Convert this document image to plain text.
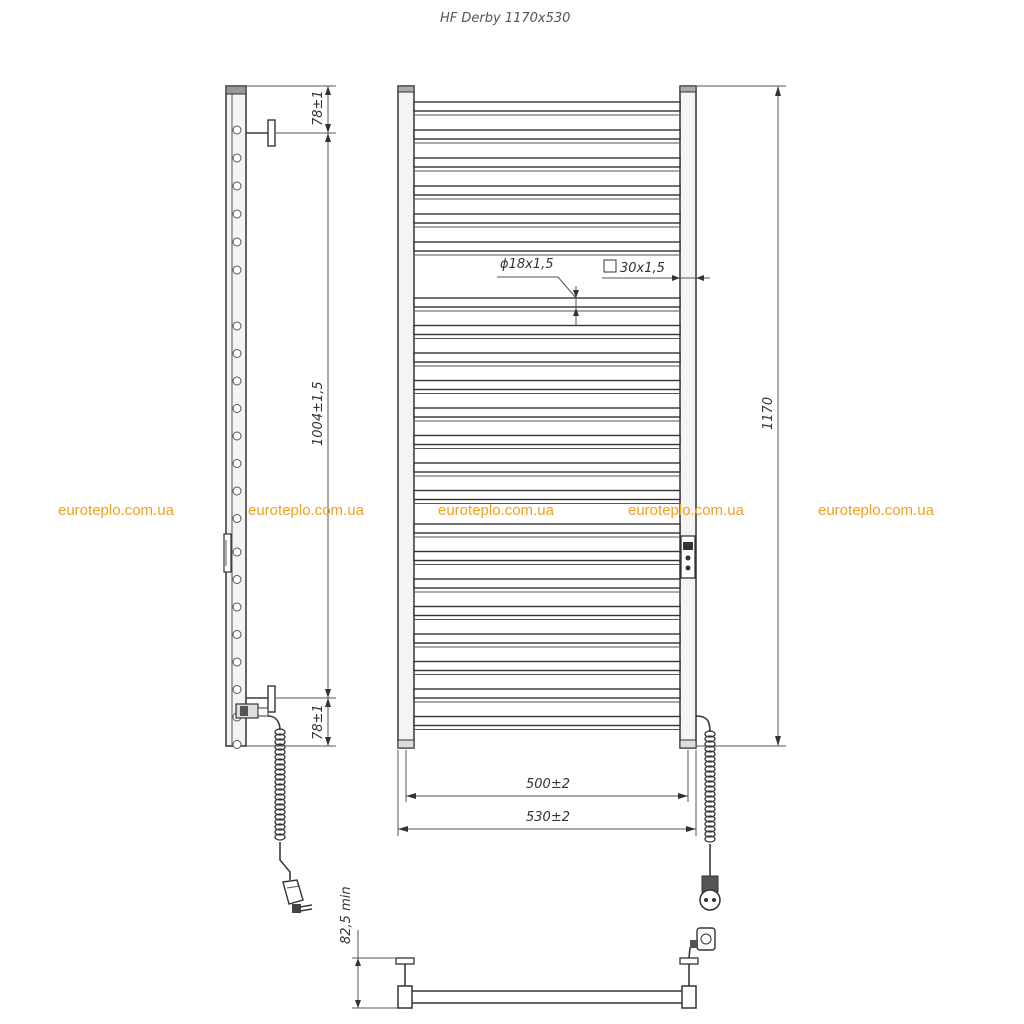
HF Derby 1170x530
78±1
1004±1,5
78±1
ϕ18x1,5	30x1,5
1170
500±2
530±2
82,5 min
euroteplo.com.ua	euroteplo.com.ua	euroteplo.com.ua	euroteplo.com.ua	euroteplo.com.ua
